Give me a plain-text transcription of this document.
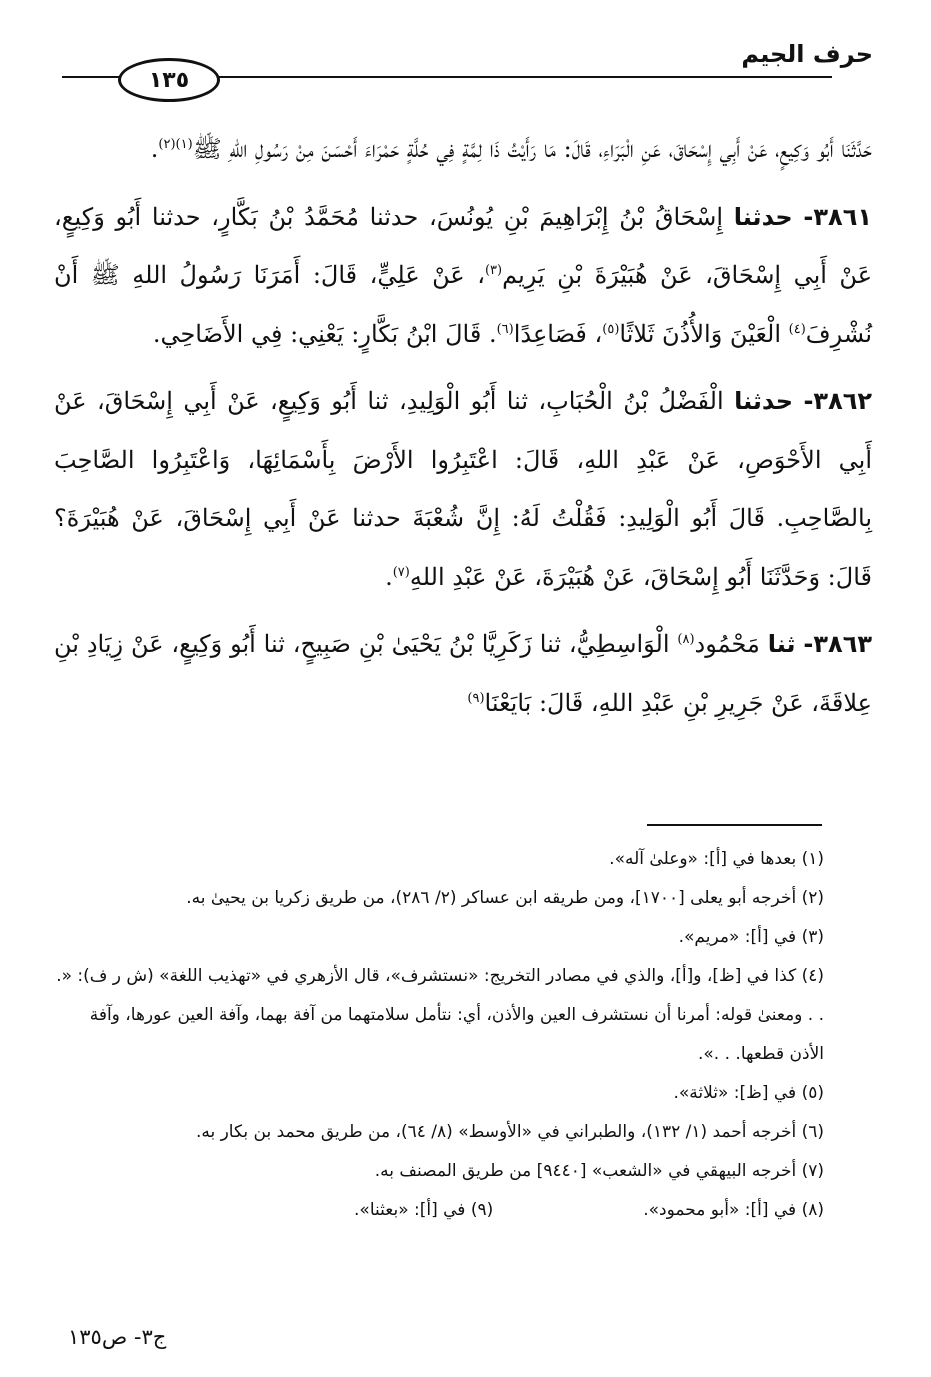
حرف الجيم
١٣٥

حَدَّثَنَا أَبُو وَكِيعٍ، عَنْ أَبِي إِسْحَاقَ، عَنِ الْبَرَاءِ، قَالَ: مَا رَأَيْتُ ذَا لِمَّةٍ فِي حُلَّةٍ حَمْرَاءَ أَحْسَنَ مِنْ رَسُولِ اللهِ ﷺ$^{(١)(٢)}$.

٣٨٦١- حدثنا إِسْحَاقُ بْنُ إِبْرَاهِيمَ بْنِ يُونُسَ، حدثنا مُحَمَّدُ بْنُ بَكَّارٍ، حدثنا أَبُو وَكِيعٍ، عَنْ أَبِي إِسْحَاقَ، عَنْ هُبَيْرَةَ بْنِ يَرِيم$^{(٣)}$، عَنْ عَلِيٍّ، قَالَ: أَمَرَنَا رَسُولُ اللهِ ﷺ أَنْ نُشْرِفَ$^{(٤)}$ الْعَيْنَ وَالأُذُنَ ثَلاثًا$^{(٥)}$، فَصَاعِدًا$^{(٦)}$. قَالَ ابْنُ بَكَّارٍ: يَعْنِي: فِي الأَضَاحِي.

٣٨٦٢- حدثنا الْفَضْلُ بْنُ الْحُبَابِ، ثنا أَبُو الْوَلِيدِ، ثنا أَبُو وَكِيعٍ، عَنْ أَبِي إِسْحَاقَ، عَنْ أَبِي الأَحْوَصِ، عَنْ عَبْدِ اللهِ، قَالَ: اعْتَبِرُوا الأَرْضَ بِأَسْمَائِهَا، وَاعْتَبِرُوا الصَّاحِبَ بِالصَّاحِبِ. قَالَ أَبُو الْوَلِيدِ: فَقُلْتُ لَهُ: إِنَّ شُعْبَةَ حدثنا عَنْ أَبِي إِسْحَاقَ، عَنْ هُبَيْرَةَ؟ قَالَ: وَحَدَّثَنَا أَبُو إِسْحَاقَ، عَنْ هُبَيْرَةَ، عَنْ عَبْدِ اللهِ$^{(٧)}$.

٣٨٦٣- ثنا مَحْمُود$^{(٨)}$ الْوَاسِطِيُّ، ثنا زَكَرِيَّا بْنُ يَحْيَىٰ بْنِ صَبِيحٍ، ثنا أَبُو وَكِيعٍ، عَنْ زِيَادِ بْنِ عِلاقَةَ، عَنْ جَرِيرِ بْنِ عَبْدِ اللهِ، قَالَ: بَايَعْنَا$^{(٩)}$

(١) بعدها في [أ]: «وعلىٰ آله».

(٢) أخرجه أبو يعلى [١٧٠٠]، ومن طريقه ابن عساكر (٢/ ٢٨٦)، من طريق زكريا بن يحيىٰ به.

(٣) في [أ]: «مريم».

(٤) كذا في [ظ]، و[أ]، والذي في مصادر التخريج: «نستشرف»، قال الأزهري في «تهذيب اللغة» (ش ر ف): «. . . ومعنىٰ قوله: أمرنا أن نستشرف العين والأذن، أي: نتأمل سلامتهما من آفة بهما، وآفة العين عورها، وآفة الأذن قطعها. . .».

(٥) في [ظ]: «ثلاثة».

(٦) أخرجه أحمد (١/ ١٣٢)، والطبراني في «الأوسط» (٨/ ٦٤)، من طريق محمد بن بكار به.

(٧) أخرجه البيهقي في «الشعب» [٩٤٤٠] من طريق المصنف به.

(٨) في [أ]: «أبو محمود».
(٩) في [أ]: «بعثنا».
ج٣- ص١٣٥
